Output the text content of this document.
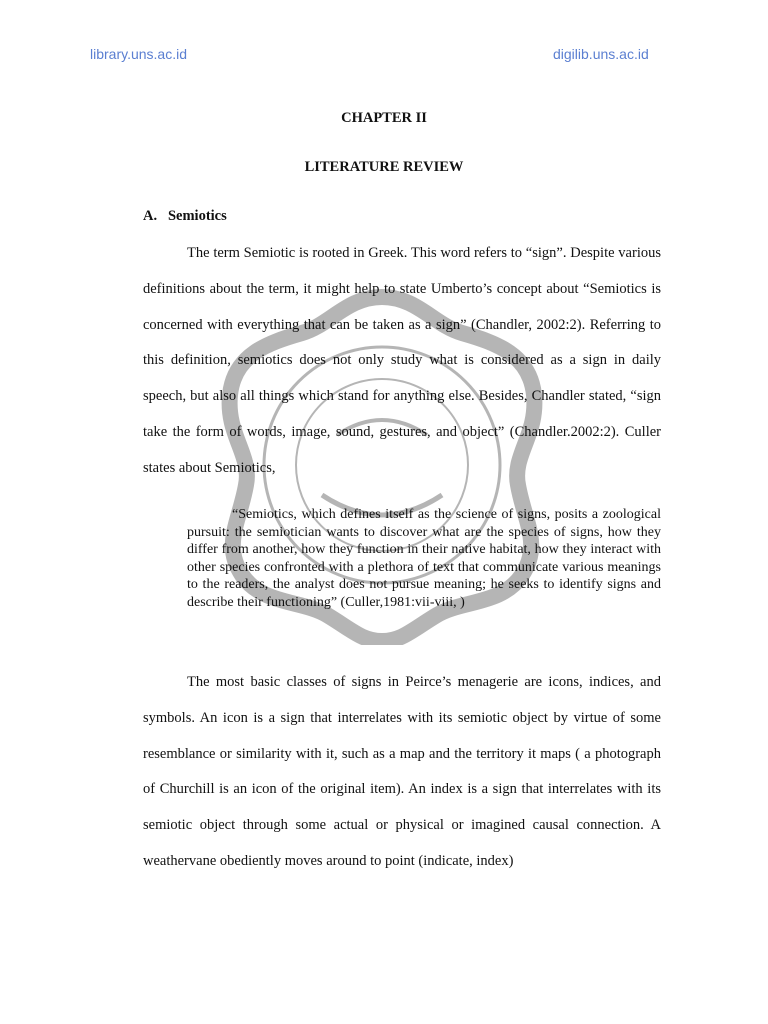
library.uns.ac.id	digilib.uns.ac.id
CHAPTER II
LITERATURE REVIEW
A.   Semiotics

The term Semiotic is rooted in Greek. This word refers to “sign”. Despite various definitions about the term, it might help to state Umberto’s concept about “Semiotics is concerned with everything that can be taken as a sign” (Chandler, 2002:2). Referring to this definition, semiotics does not only study what is considered as a sign in daily speech, but also all things which stand for anything else. Besides, Chandler stated, “sign take the form of words, image, sound, gestures, and object” (Chandler.2002:2). Culler states about Semiotics,

“Semiotics, which defines itself as the science of signs, posits a zoological pursuit: the semiotician wants to discover what are the species of signs, how they differ from another, how they function in their native habitat, how they interact with other species confronted with a plethora of text that communicate various meanings to the readers, the analyst does not pursue meaning; he seeks to identify signs and describe their functioning” (Culler,1981:vii-viii, )

The most basic classes of signs in Peirce’s menagerie are icons, indices, and symbols. An icon is a sign that interrelates with its semiotic object by virtue of some resemblance or similarity with it, such as a map and the territory it maps ( a photograph of Churchill is an icon of the original item). An index is a sign that interrelates with its semiotic object through some actual or physical or imagined causal connection. A weathervane obediently moves around to point (indicate, index)
